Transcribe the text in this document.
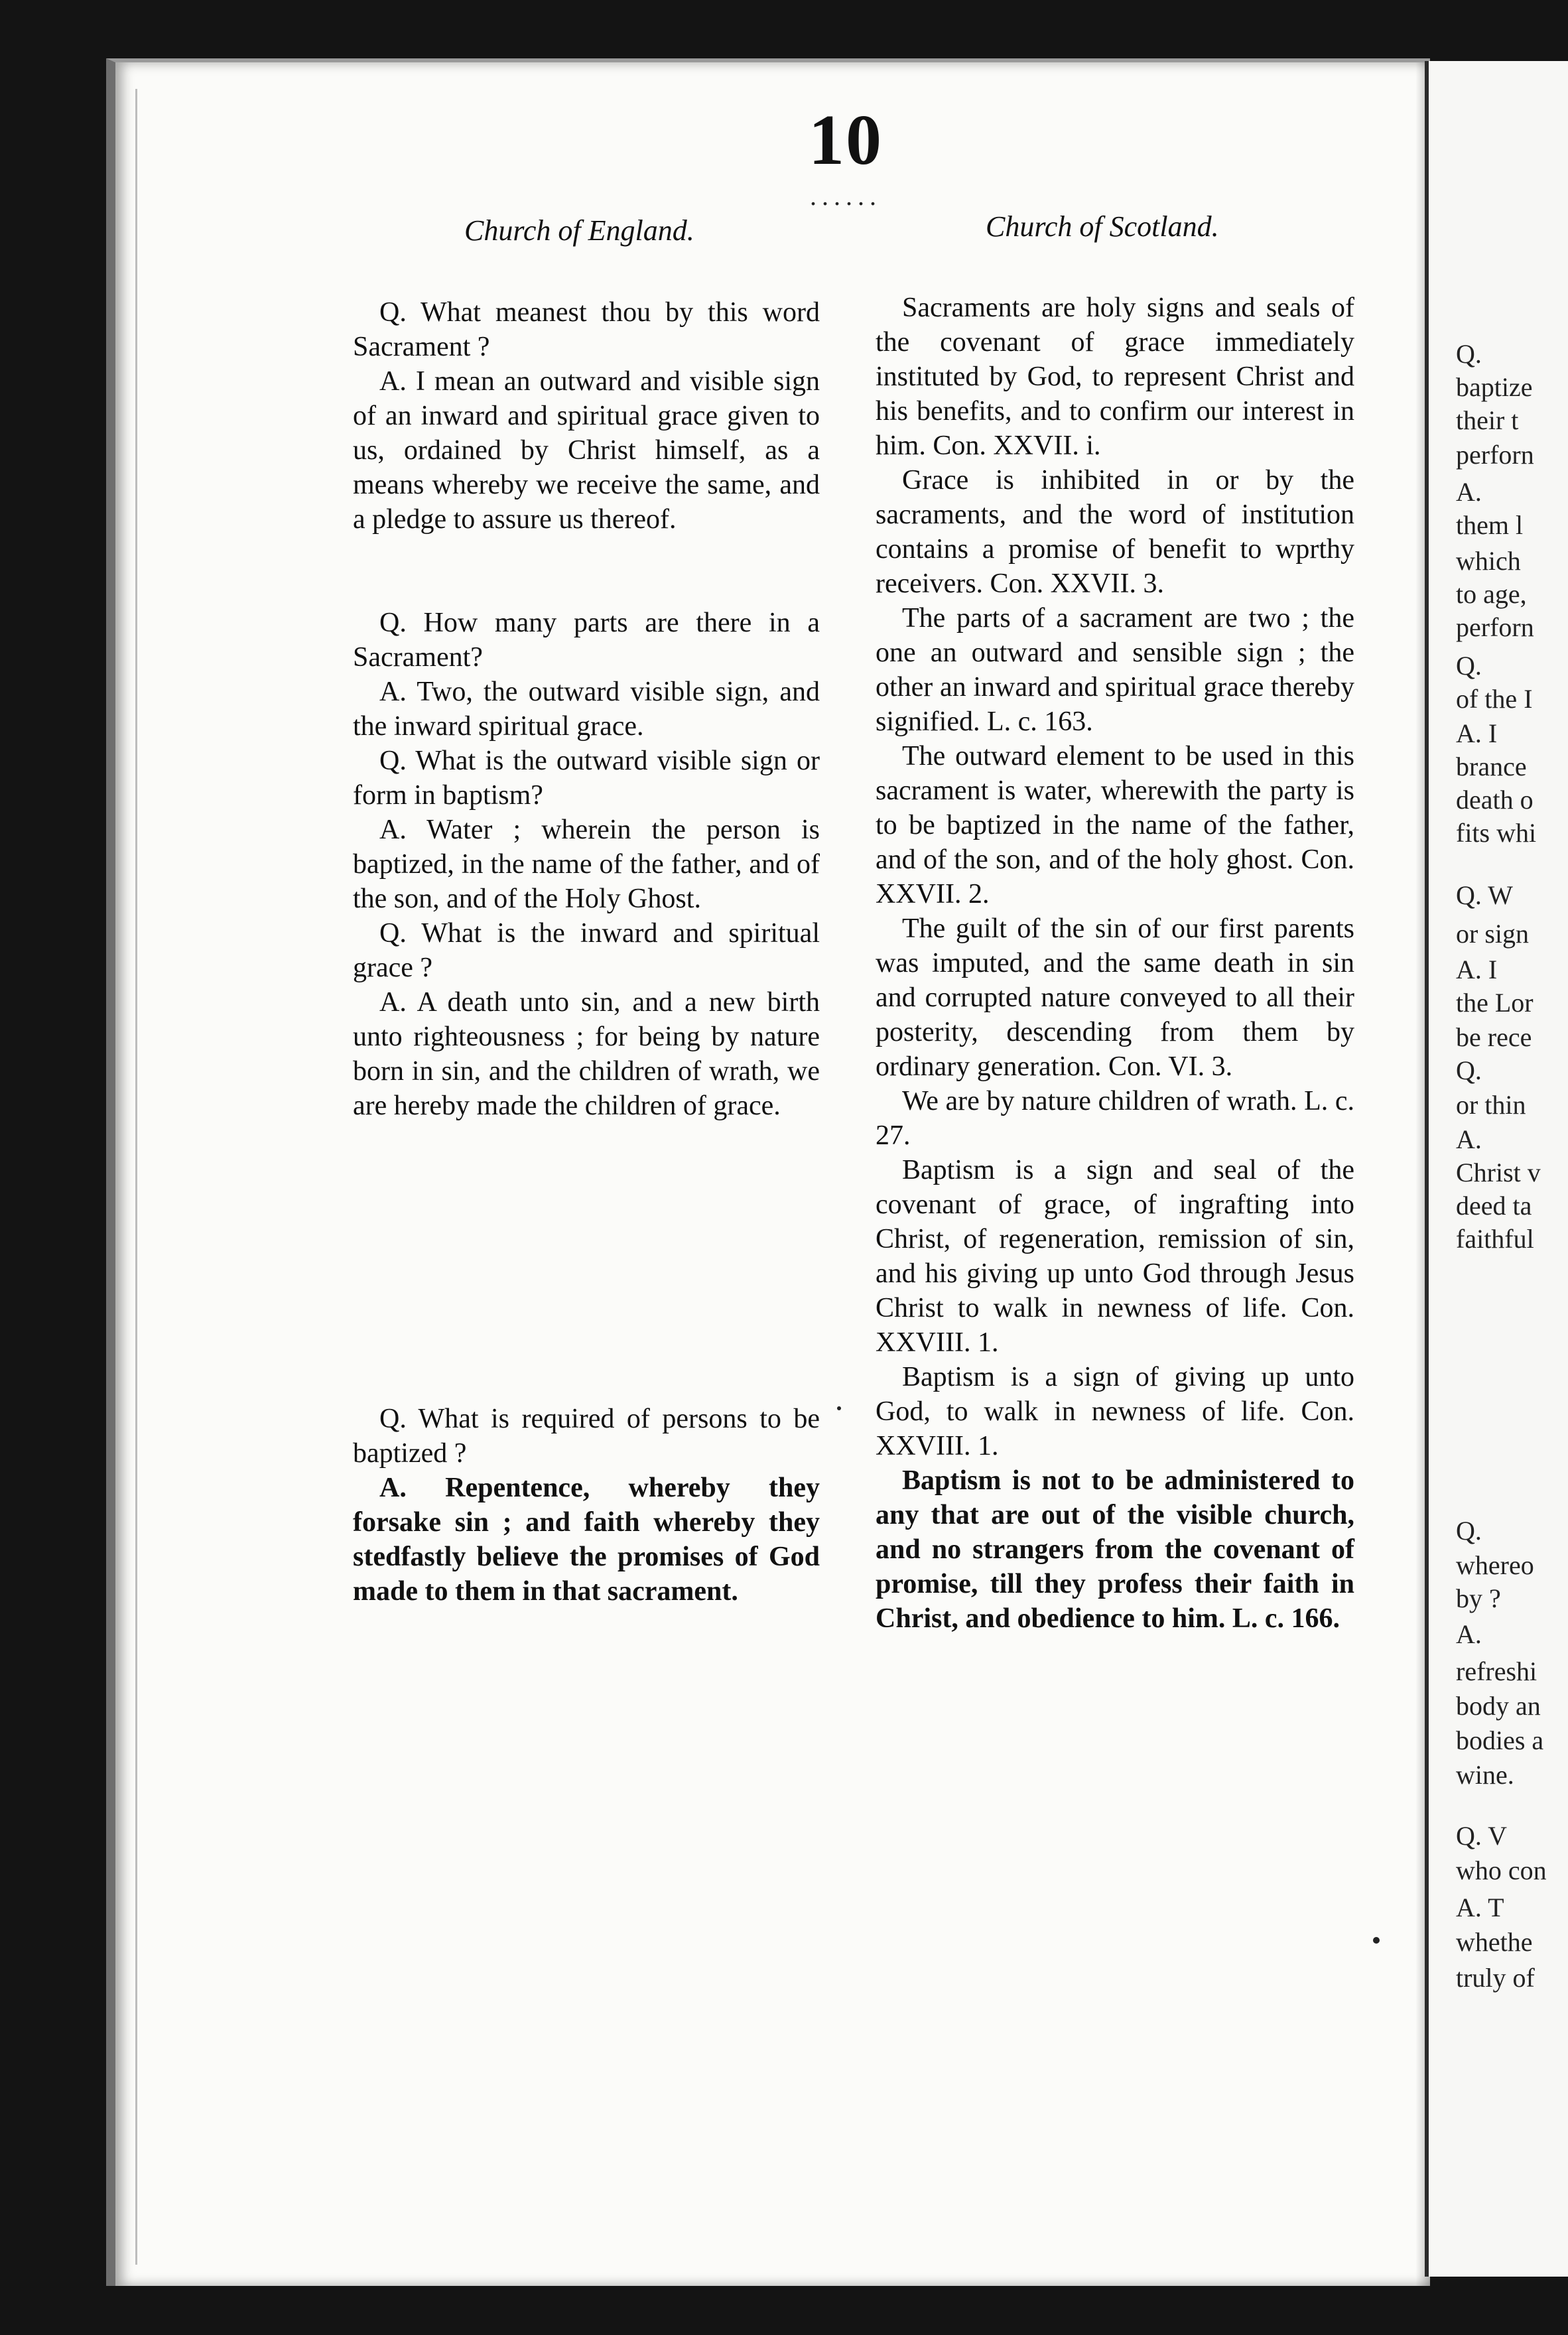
10
......
Church of England.	Church of Scotland.

Q. What meanest thou by this word Sacrament ?

A. I mean an outward and visible sign of an inward and spiritual grace given to us, ordained by Christ himself, as a means whereby we receive the same, and a pledge to assure us thereof.

Q. How many parts are there in a Sacrament?

A. Two, the outward visible sign, and the inward spiritual grace.

Q. What is the outward visible sign or form in baptism?

A. Water ; wherein the person is baptized, in the name of the father, and of the son, and of the Holy Ghost.

Q. What is the inward and spiritual grace ?

A. A death unto sin, and a new birth unto righteousness ; for being by nature born in sin, and the children of wrath, we are hereby made the children of grace.

Q. What is required of persons to be baptized ?

A. Repentence, whereby they forsake sin ; and faith whereby they stedfastly believe the promises of God made to them in that sacrament.

Sacraments are holy signs and seals of the covenant of grace immediately instituted by God, to represent Christ and his benefits, and to confirm our interest in him. Con. XXVII. i.

Grace is inhibited in or by the sacraments, and the word of institution contains a promise of benefit to wprthy receivers. Con. XXVII. 3.

The parts of a sacrament are two ; the one an outward and sensible sign ; the other an inward and spiritual grace thereby signified. L. c. 163.

The outward element to be used in this sacrament is water, wherewith the party is to be baptized in the name of the father, and of the son, and of the holy ghost. Con. XXVII. 2.

The guilt of the sin of our first parents was imputed, and the same death in sin and corrupted nature conveyed to all their posterity, descending from them by ordinary generation. Con. VI. 3.

We are by nature children of wrath. L. c. 27.

Baptism is a sign and seal of the covenant of grace, of ingrafting into Christ, of regeneration, remission of sin, and his giving up unto God through Jesus Christ to walk in newness of life. Con. XXVIII. 1.

Baptism is a sign of giving up unto God, to walk in newness of life. Con. XXVIII. 1.

Baptism is not to be administered to any that are out of the visible church, and no strangers from the covenant of promise, till they profess their faith in Christ, and obedience to him. L. c. 166.

Q.
baptize
their t
perforn
A.
them l
which
to age,
perforn
Q.
of the I
A. I
brance
death o
fits whi
Q. W
or sign
A. I
the Lor
be rece
Q.
or thin
A.
Christ v
deed ta
faithful
Q.
whereo
by ?
A.
refreshi
body an
bodies a
wine.
Q. V
who con
A. T
whethe
truly of
